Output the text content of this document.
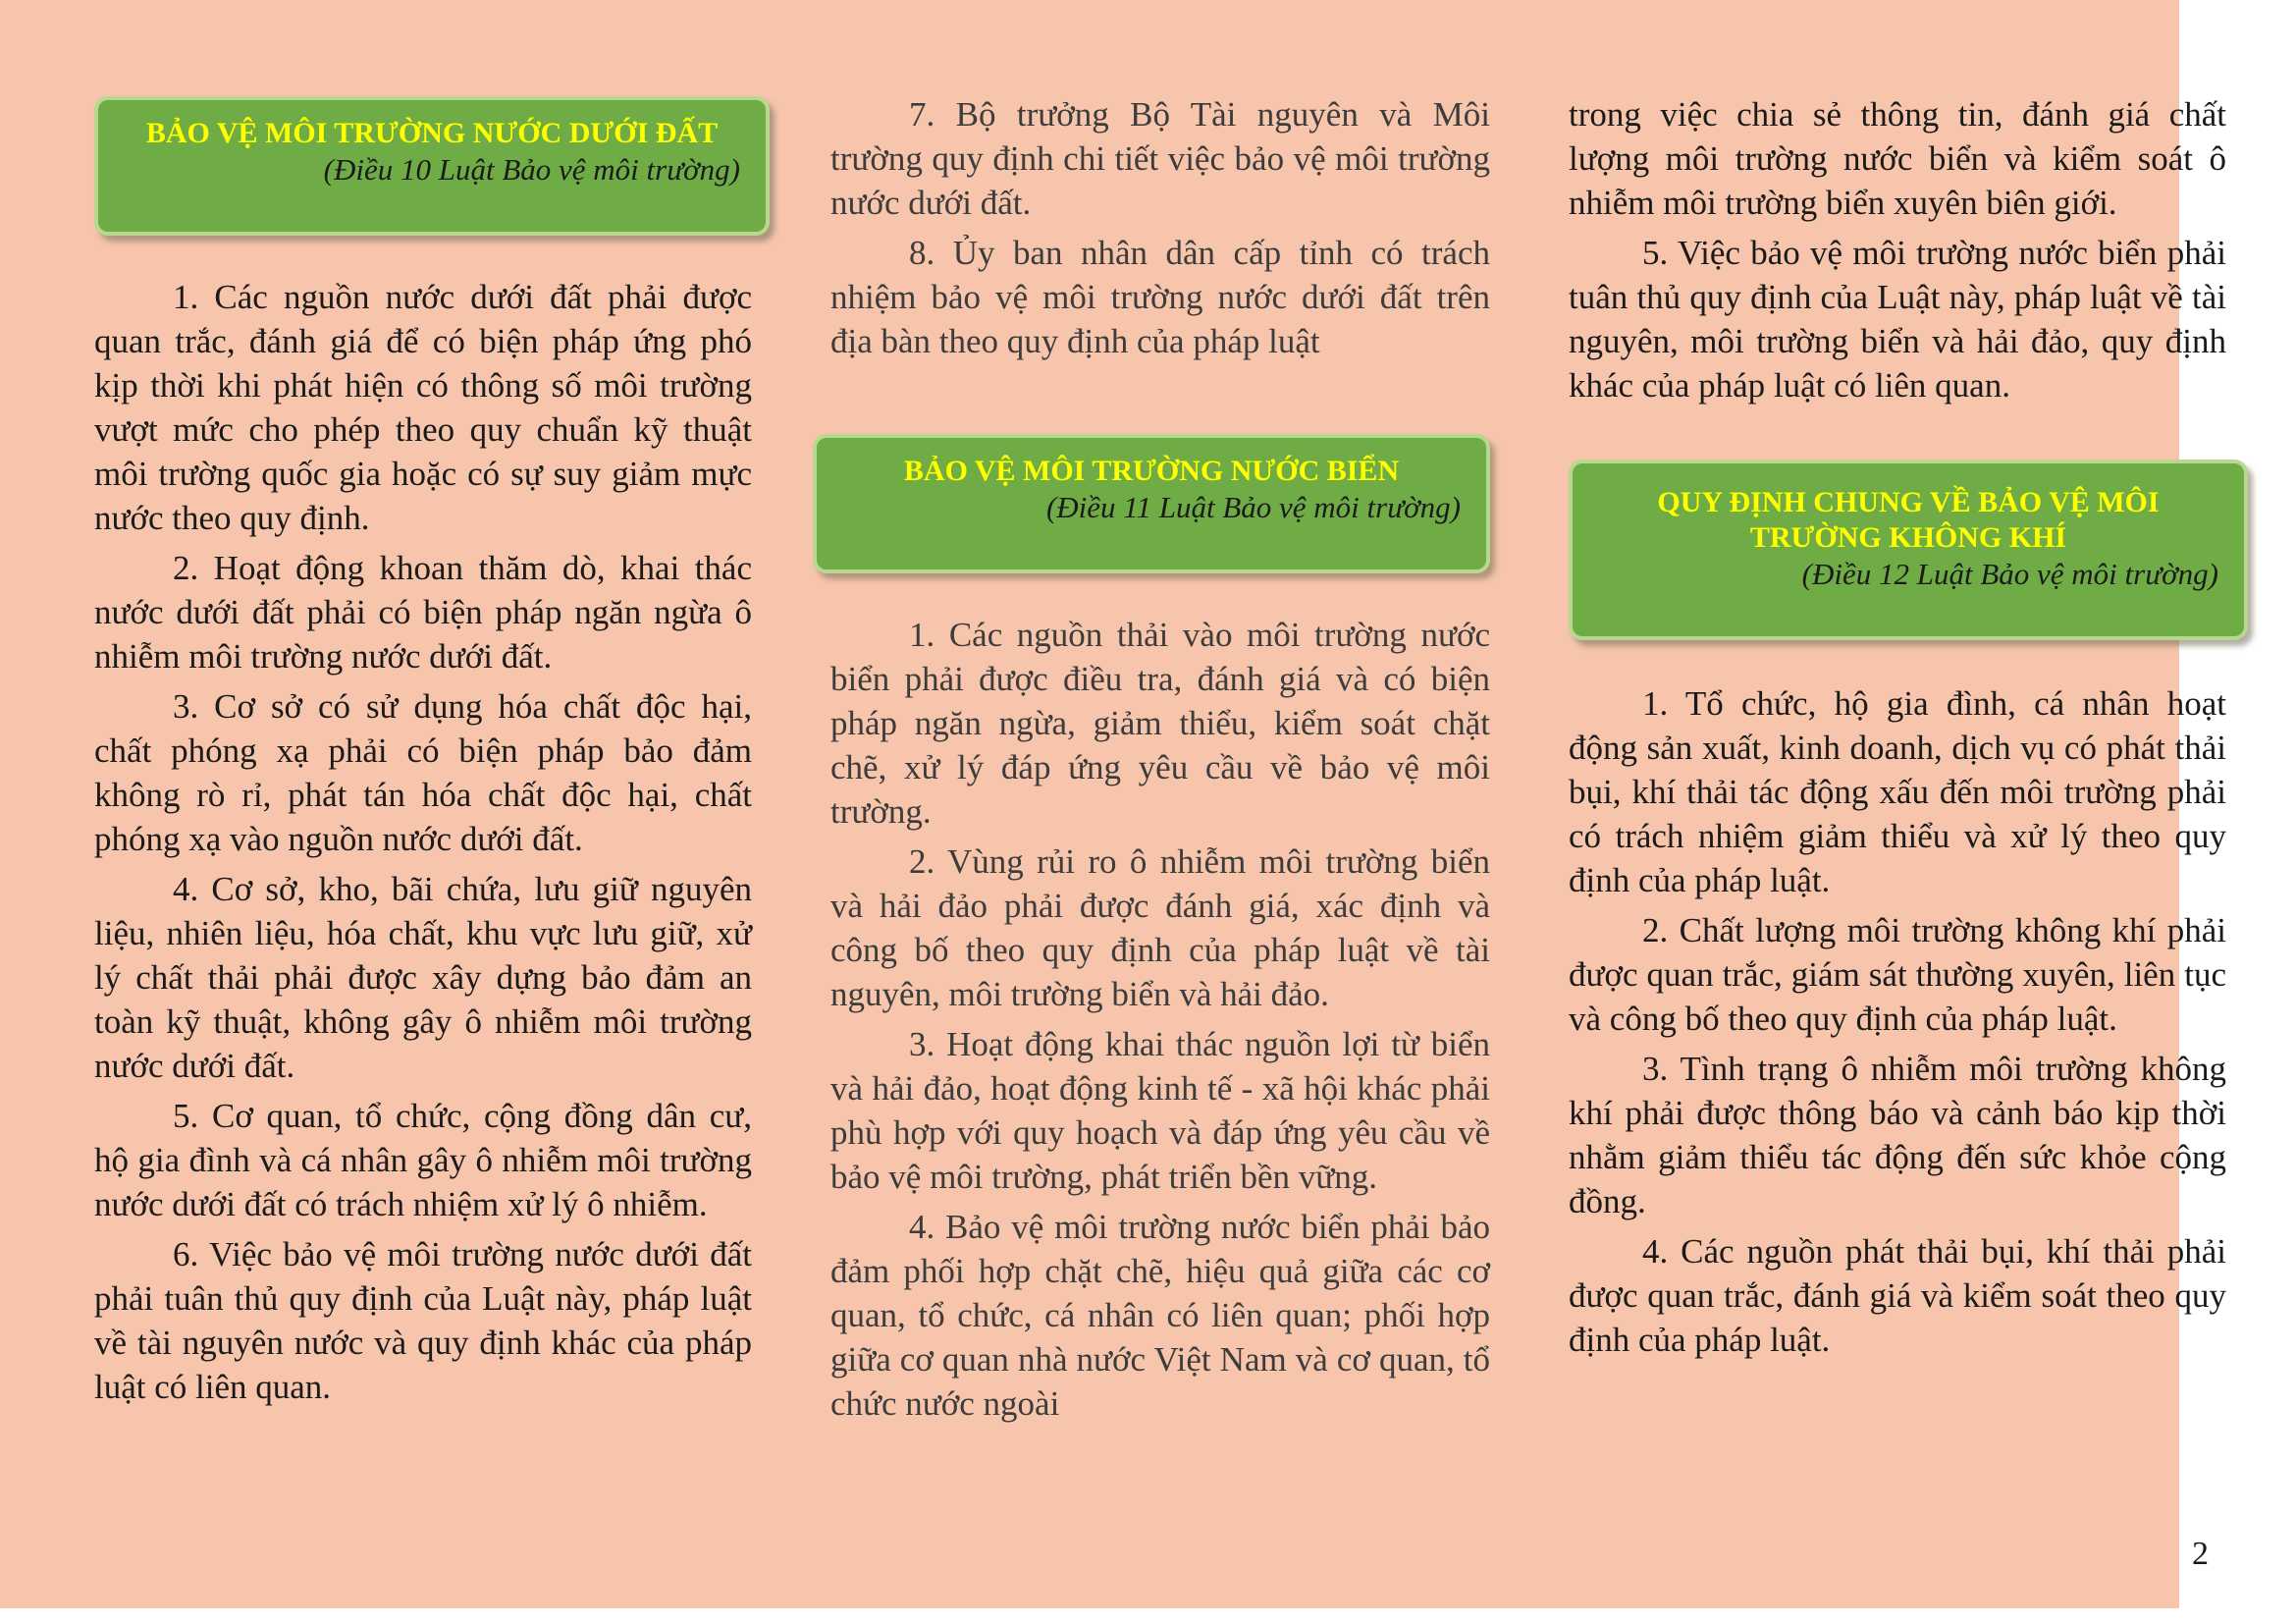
BẢO VỆ MÔI TRƯỜNG NƯỚC DƯỚI ĐẤT
(Điều 10 Luật Bảo vệ môi trường)

1. Các nguồn nước dưới đất phải được quan trắc, đánh giá để có biện pháp ứng phó kịp thời khi phát hiện có thông số môi trường vượt mức cho phép theo quy chuẩn kỹ thuật môi trường quốc gia hoặc có sự suy giảm mực nước theo quy định.

2. Hoạt động khoan thăm dò, khai thác nước dưới đất phải có biện pháp ngăn ngừa ô nhiễm môi trường nước dưới đất.

3. Cơ sở có sử dụng hóa chất độc hại, chất phóng xạ phải có biện pháp bảo đảm không rò rỉ, phát tán hóa chất độc hại, chất phóng xạ vào nguồn nước dưới đất.

4. Cơ sở, kho, bãi chứa, lưu giữ nguyên liệu, nhiên liệu, hóa chất, khu vực lưu giữ, xử lý chất thải phải được xây dựng bảo đảm an toàn kỹ thuật, không gây ô nhiễm môi trường nước dưới đất.

5. Cơ quan, tổ chức, cộng đồng dân cư, hộ gia đình và cá nhân gây ô nhiễm môi trường nước dưới đất có trách nhiệm xử lý ô nhiễm.

6. Việc bảo vệ môi trường nước dưới đất phải tuân thủ quy định của Luật này, pháp luật về tài nguyên nước và quy định khác của pháp luật có liên quan.

7. Bộ trưởng Bộ Tài nguyên và Môi trường quy định chi tiết việc bảo vệ môi trường nước dưới đất.

8. Ủy ban nhân dân cấp tỉnh có trách nhiệm bảo vệ môi trường nước dưới đất trên địa bàn theo quy định của pháp luật

BẢO VỆ MÔI TRƯỜNG NƯỚC BIỂN
(Điều 11 Luật Bảo vệ môi trường)

1. Các nguồn thải vào môi trường nước biển phải được điều tra, đánh giá và có biện pháp ngăn ngừa, giảm thiểu, kiểm soát chặt chẽ, xử lý đáp ứng yêu cầu về bảo vệ môi trường.

2. Vùng rủi ro ô nhiễm môi trường biển và hải đảo phải được đánh giá, xác định và công bố theo quy định của pháp luật về tài nguyên, môi trường biển và hải đảo.

3. Hoạt động khai thác nguồn lợi từ biển và hải đảo, hoạt động kinh tế - xã hội khác phải phù hợp với quy hoạch và đáp ứng yêu cầu về bảo vệ môi trường, phát triển bền vững.

4. Bảo vệ môi trường nước biển phải bảo đảm phối hợp chặt chẽ, hiệu quả giữa các cơ quan, tổ chức, cá nhân có liên quan; phối hợp giữa cơ quan nhà nước Việt Nam và cơ quan, tổ chức nước ngoài

trong việc chia sẻ thông tin, đánh giá chất lượng môi trường nước biển và kiểm soát ô nhiễm môi trường biển xuyên biên giới.

5. Việc bảo vệ môi trường nước biển phải tuân thủ quy định của Luật này, pháp luật về tài nguyên, môi trường biển và hải đảo, quy định khác của pháp luật có liên quan.

1. Tổ chức, hộ gia đình, cá nhân hoạt động sản xuất, kinh doanh, dịch vụ có phát thải bụi, khí thải tác động xấu đến môi trường phải có trách nhiệm giảm thiểu và xử lý theo quy định của pháp luật.

2. Chất lượng môi trường không khí phải được quan trắc, giám sát thường xuyên, liên tục và công bố theo quy định của pháp luật.

3. Tình trạng ô nhiễm môi trường không khí phải được thông báo và cảnh báo kịp thời nhằm giảm thiểu tác động đến sức khỏe cộng đồng.

4. Các nguồn phát thải bụi, khí thải phải được quan trắc, đánh giá và kiểm soát theo quy định của pháp luật.

QUY ĐỊNH CHUNG VỀ BẢO VỆ MÔI TRƯỜNG KHÔNG KHÍ
(Điều 12 Luật Bảo vệ môi trường)
2
